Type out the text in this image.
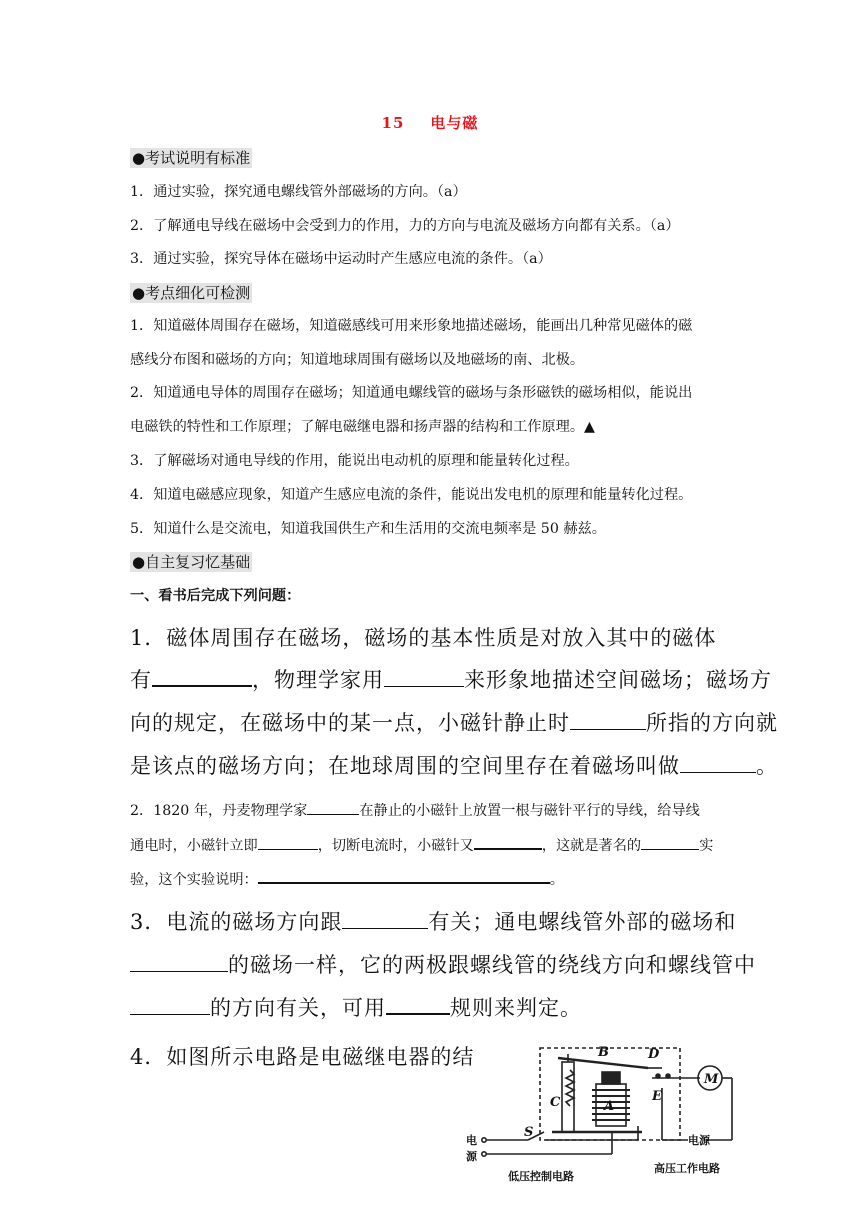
15 电与磁
●考试说明有标准
1．通过实验，探究通电螺线管外部磁场的方向。（a）
2．了解通电导线在磁场中会受到力的作用，力的方向与电流及磁场方向都有关系。（a）
3．通过实验，探究导体在磁场中运动时产生感应电流的条件。（a）
●考点细化可检测
1．知道磁体周围存在磁场，知道磁感线可用来形象地描述磁场，能画出几种常见磁体的磁
感线分布图和磁场的方向；知道地球周围有磁场以及地磁场的南、北极。
2．知道通电导体的周围存在磁场；知道通电螺线管的磁场与条形磁铁的磁场相似，能说出
电磁铁的特性和工作原理；了解电磁继电器和扬声器的结构和工作原理。▲
3．了解磁场对通电导线的作用，能说出电动机的原理和能量转化过程。
4．知道电磁感应现象，知道产生感应电流的条件，能说出发电机的原理和能量转化过程。
5．知道什么是交流电，知道我国供生产和生活用的交流电频率是 50 赫兹。
●自主复习忆基础
一、看书后完成下列问题：
1．磁体周围存在磁场，磁场的基本性质是对放入其中的磁体
有	，物理学家用	来形象地描述空间磁场；磁场方
向的规定，在磁场中的某一点，小磁针静止时	所指的方向就
是该点的磁场方向；在地球周围的空间里存在着磁场叫做	。
2．1820 年，丹麦物理学家	在静止的小磁针上放置一根与磁针平行的导线，给导线
通电时，小磁针立即	，切断电流时，小磁针又	，这就是著名的	实
验，这个实验说明：	。
3．电流的磁场方向跟	有关；通电螺线管外部的磁场和
的磁场一样，它的两极跟螺线管的绕线方向和螺线管中
的方向有关，可用	规则来判定。
4．如图所示电路是电磁继电器的结	B	D
C	A
E
S
M
电
源
电源
低压控制电路
高压工作电路
